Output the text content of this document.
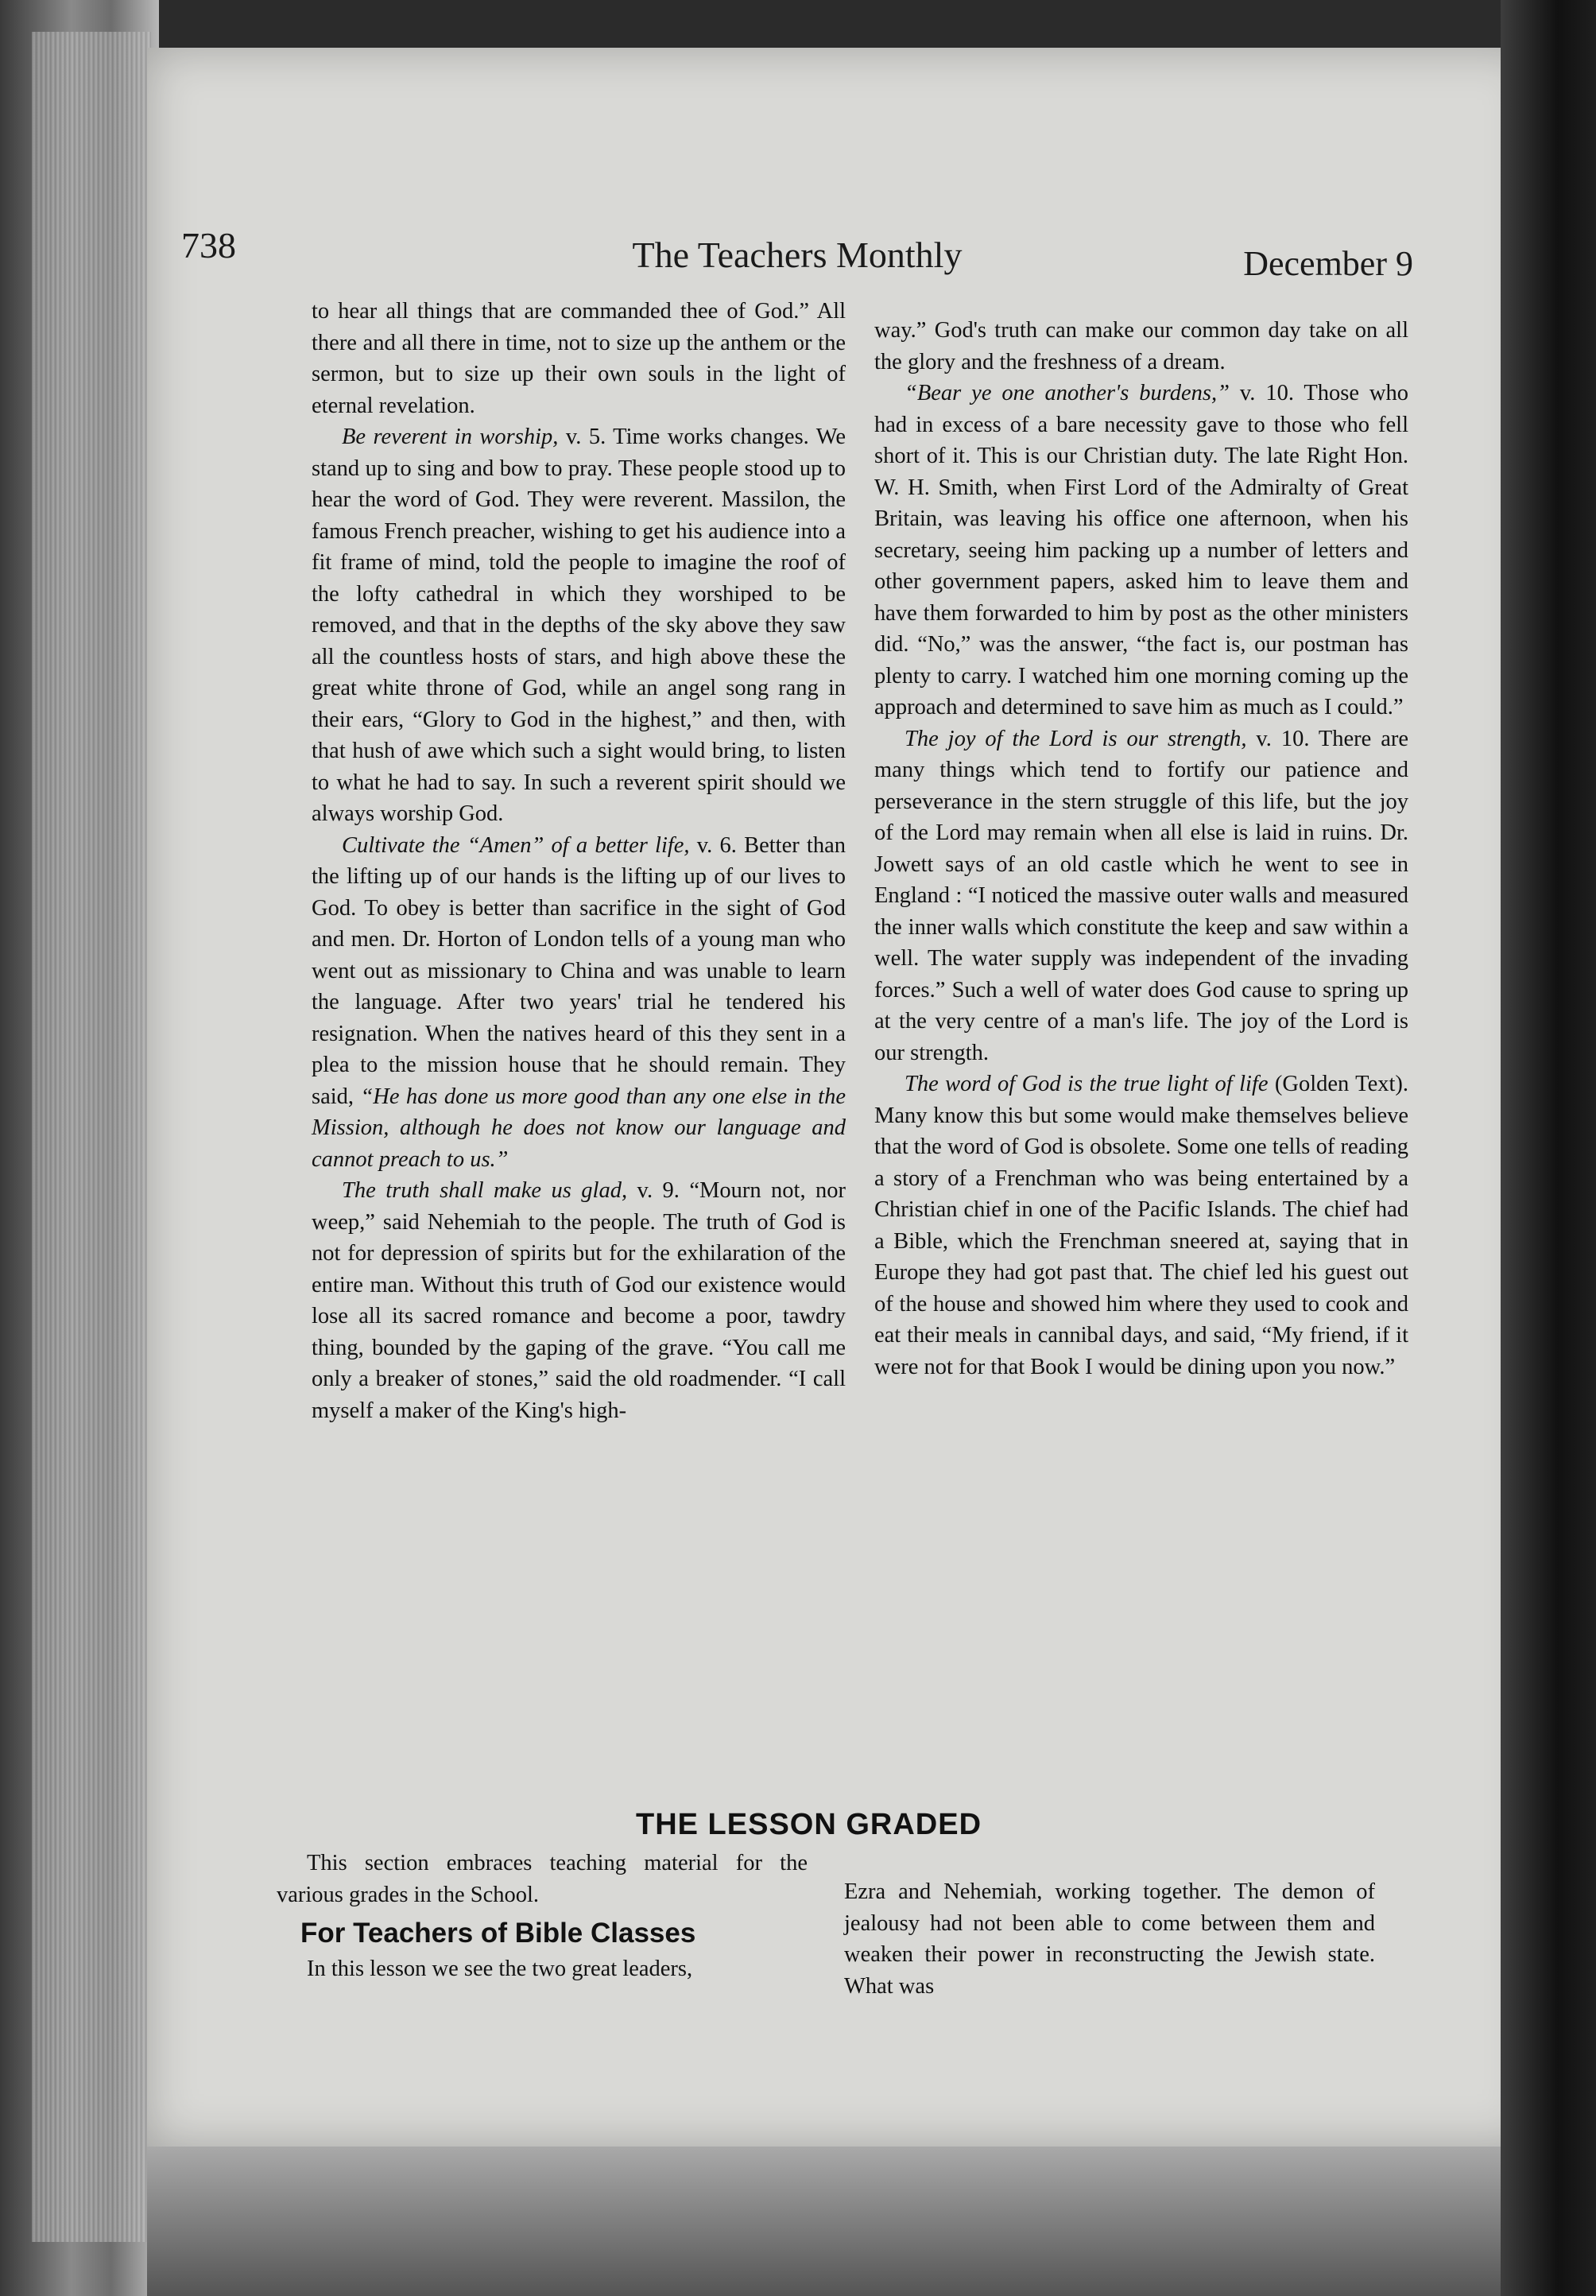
738	The Teachers Monthly	December 9

to hear all things that are commanded thee of God.” All there and all there in time, not to size up the anthem or the sermon, but to size up their own souls in the light of eternal revelation.

Be reverent in worship, v. 5. Time works changes. We stand up to sing and bow to pray. These people stood up to hear the word of God. They were reverent. Massilon, the famous French preacher, wishing to get his audience into a fit frame of mind, told the people to imagine the roof of the lofty cathedral in which they worshiped to be removed, and that in the depths of the sky above they saw all the countless hosts of stars, and high above these the great white throne of God, while an angel song rang in their ears, “Glory to God in the highest,” and then, with that hush of awe which such a sight would bring, to listen to what he had to say. In such a reverent spirit should we always worship God.

Cultivate the “Amen” of a better life, v. 6. Better than the lifting up of our hands is the lifting up of our lives to God. To obey is better than sacrifice in the sight of God and men. Dr. Horton of London tells of a young man who went out as missionary to China and was unable to learn the language. After two years' trial he tendered his resignation. When the natives heard of this they sent in a plea to the mission house that he should remain. They said, “He has done us more good than any one else in the Mission, although he does not know our language and cannot preach to us.”

The truth shall make us glad, v. 9. “Mourn not, nor weep,” said Nehemiah to the people. The truth of God is not for depression of spirits but for the exhilaration of the entire man. Without this truth of God our existence would lose all its sacred romance and become a poor, tawdry thing, bounded by the gaping of the grave. “You call me only a breaker of stones,” said the old roadmender. “I call myself a maker of the King's high-

way.” God's truth can make our common day take on all the glory and the freshness of a dream.

“Bear ye one another's burdens,” v. 10. Those who had in excess of a bare necessity gave to those who fell short of it. This is our Christian duty. The late Right Hon. W. H. Smith, when First Lord of the Admiralty of Great Britain, was leaving his office one afternoon, when his secretary, seeing him packing up a number of letters and other government papers, asked him to leave them and have them forwarded to him by post as the other ministers did. “No,” was the answer, “the fact is, our postman has plenty to carry. I watched him one morning coming up the approach and determined to save him as much as I could.”

The joy of the Lord is our strength, v. 10. There are many things which tend to fortify our patience and perseverance in the stern struggle of this life, but the joy of the Lord may remain when all else is laid in ruins. Dr. Jowett says of an old castle which he went to see in England : “I noticed the massive outer walls and measured the inner walls which constitute the keep and saw within a well. The water supply was independent of the invading forces.” Such a well of water does God cause to spring up at the very centre of a man's life. The joy of the Lord is our strength.

The word of God is the true light of life (Golden Text). Many know this but some would make themselves believe that the word of God is obsolete. Some one tells of reading a story of a Frenchman who was being entertained by a Christian chief in one of the Pacific Islands. The chief had a Bible, which the Frenchman sneered at, saying that in Europe they had got past that. The chief led his guest out of the house and showed him where they used to cook and eat their meals in cannibal days, and said, “My friend, if it were not for that Book I would be dining upon you now.”

THE LESSON GRADED

This section embraces teaching material for the various grades in the School.

For Teachers of Bible Classes

In this lesson we see the two great leaders,

Ezra and Nehemiah, working together. The demon of jealousy had not been able to come between them and weaken their power in reconstructing the Jewish state. What was
